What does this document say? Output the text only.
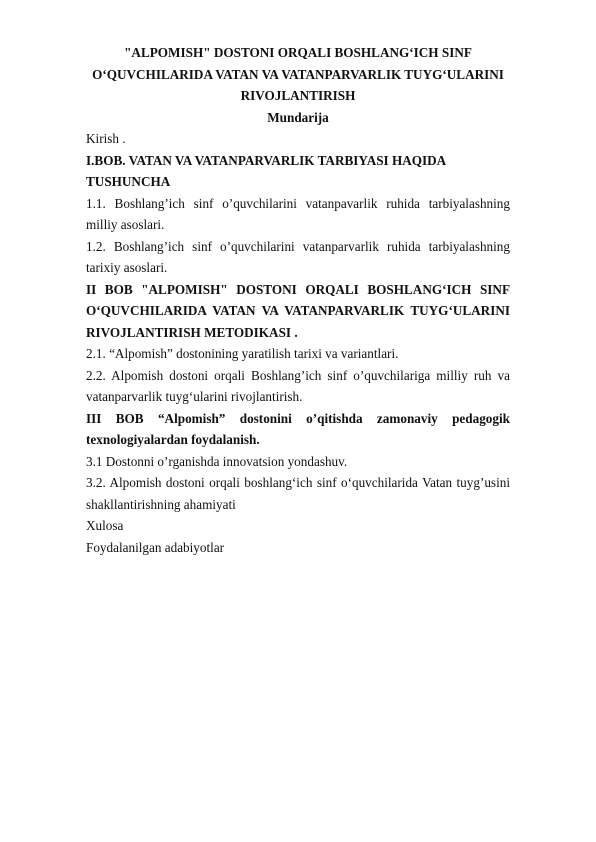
"ALPOMISH" DOSTONI ORQALI BOSHLANG‘ICH SINF O‘QUVCHILARIDA VATAN VA VATANPARVARLIK TUYG‘ULARINI RIVOJLANTIRISH

Mundarija

Kirish .

I.BOB. VATAN VA VATANPARVARLIK TARBIYASI HAQIDA TUSHUNCHA

1.1. Boshlang’ich sinf o’quvchilarini vatanpavarlik ruhida tarbiyalashning milliy asoslari.

1.2. Boshlang’ich sinf o’quvchilarini vatanparvarlik ruhida tarbiyalashning tarixiy asoslari.

II BOB "ALPOMISH" DOSTONI ORQALI BOSHLANG‘ICH SINF O‘QUVCHILARIDA VATAN VA VATANPARVARLIK TUYG‘ULARINI RIVOJLANTIRISH METODIKASI .

2.1. “Alpomish” dostonining yaratilish tarixi va variantlari.

2.2. Alpomish dostoni orqali Boshlang’ich sinf o’quvchilariga milliy ruh va vatanparvarlik tuyg‘ularini rivojlantirish.

III BOB “Alpomish” dostonini o’qitishda zamonaviy pedagogik texnologiyalardan foydalanish.

3.1 Dostonni o’rganishda innovatsion yondashuv.

3.2. Alpomish dostoni orqali boshlang‘ich sinf o‘quvchilarida Vatan tuyg’usini shakllantirishning ahamiyati

Xulosa

Foydalanilgan adabiyotlar
